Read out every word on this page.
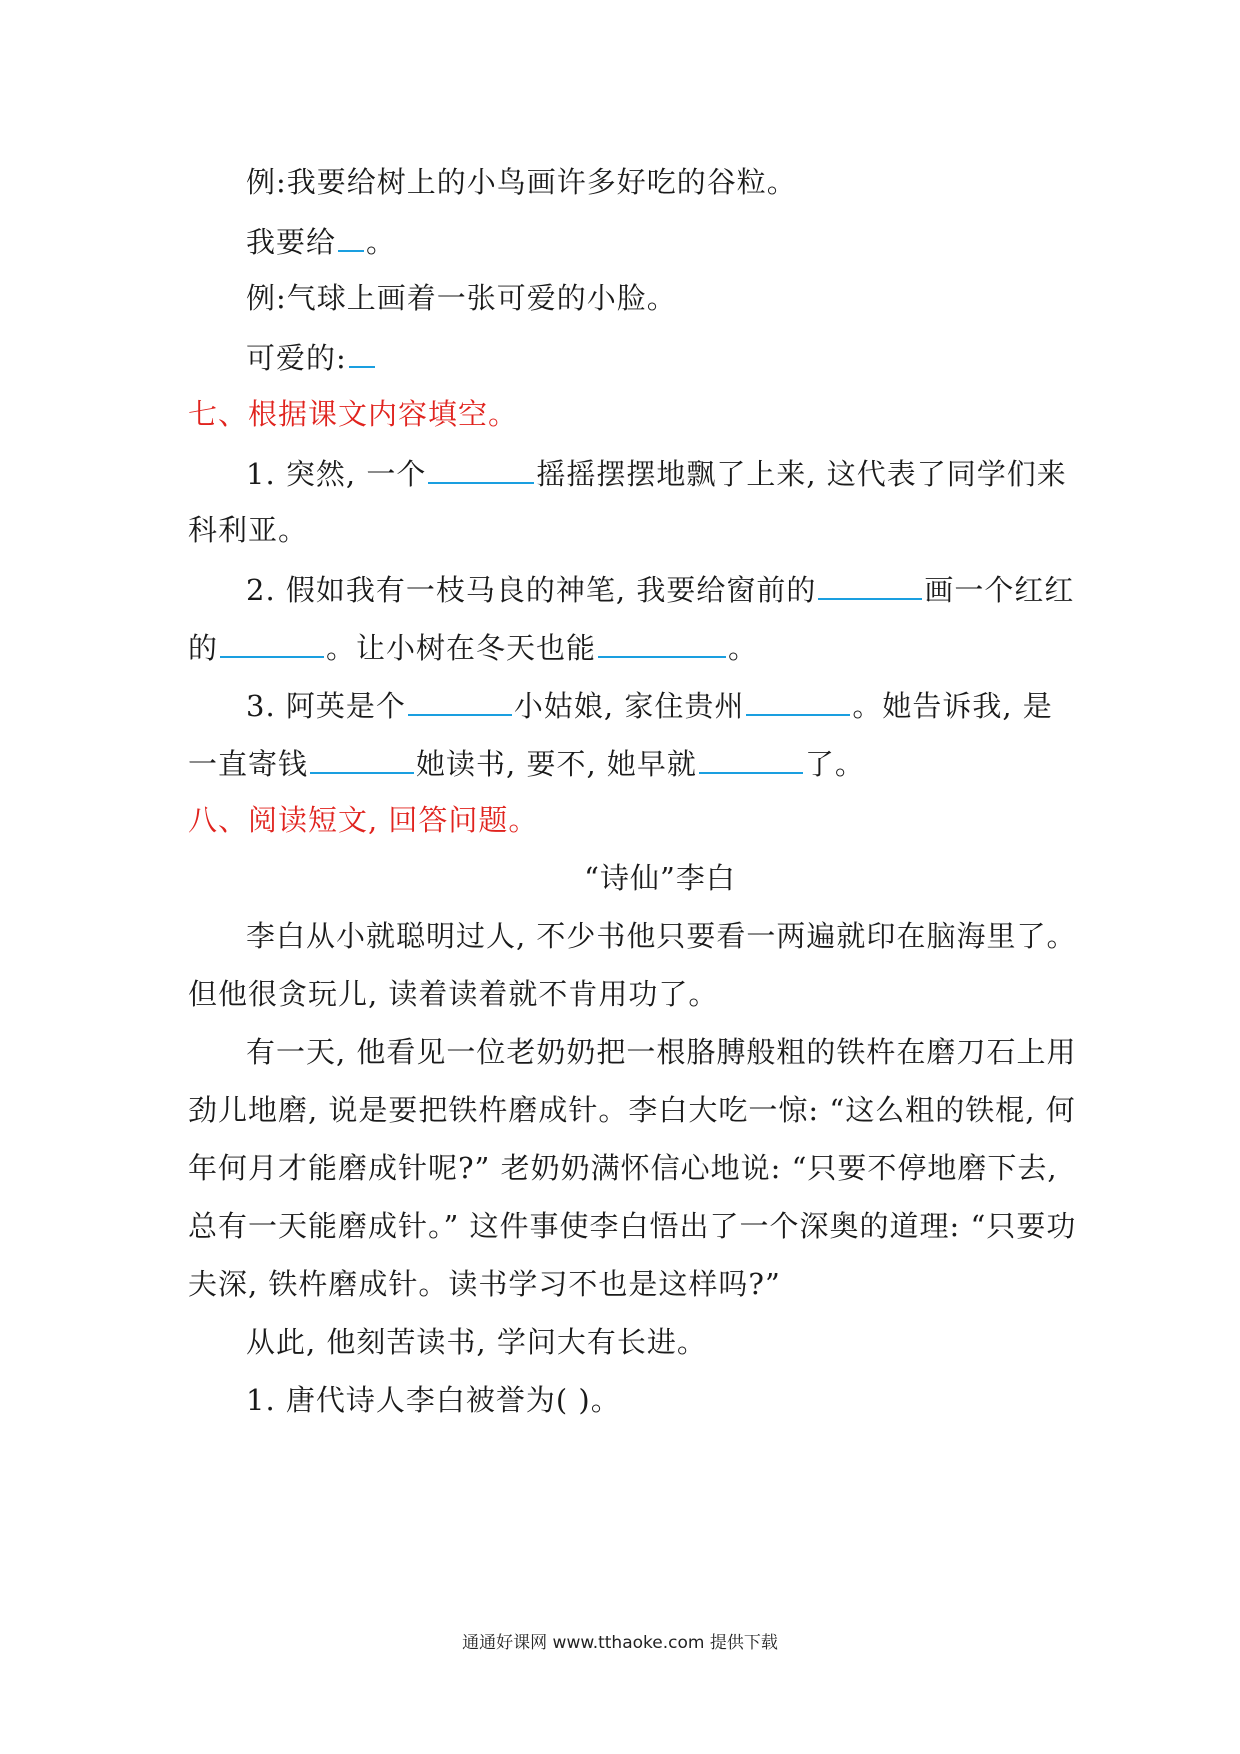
例:我要给树上的小鸟画许多好吃的谷粒。
我要给 。
例:气球上画着一张可爱的小脸。
可爱的:
七、根据课文内容填空。
1. 突然, 一个	摇摇摆摆地飘了上来, 这代表了同学们来
科利亚。
2. 假如我有一枝马良的神笔, 我要给窗前的	画一个红红
的	。让小树在冬天也能	。
3. 阿英是个	小姑娘, 家住贵州	。她告诉我, 是
一直寄钱	她读书, 要不, 她早就	了。
八、阅读短文, 回答问题。
“诗仙”李白
李白从小就聪明过人, 不少书他只要看一两遍就印在脑海里了。
但他很贪玩儿, 读着读着就不肯用功了。
有一天, 他看见一位老奶奶把一根胳膊般粗的铁杵在磨刀石上用
劲儿地磨, 说是要把铁杵磨成针。李白大吃一惊: “这么粗的铁棍, 何
年何月才能磨成针呢?” 老奶奶满怀信心地说: “只要不停地磨下去,
总有一天能磨成针。” 这件事使李白悟出了一个深奥的道理: “只要功
夫深, 铁杵磨成针。读书学习不也是这样吗?”
从此, 他刻苦读书, 学问大有长进。
1. 唐代诗人李白被誉为( )。
通通好课网 www.tthaoke.com 提供下载
